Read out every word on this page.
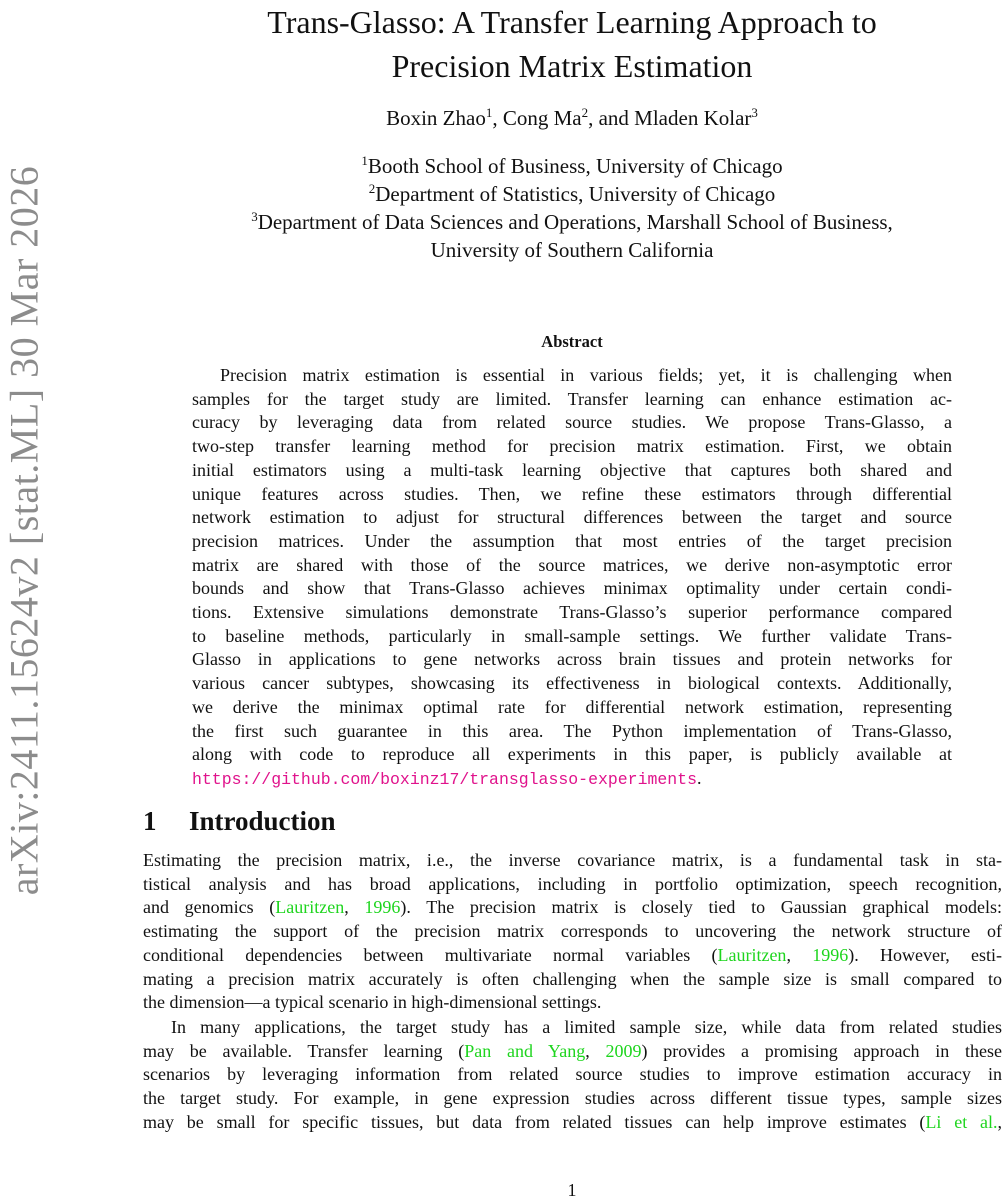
arXiv:2411.15624v2 [stat.ML] 30 Mar 2026
Trans-Glasso: A Transfer Learning Approach to
Precision Matrix Estimation
Boxin Zhao$^1$, Cong Ma$^2$, and Mladen Kolar$^3$
$^1$Booth School of Business, University of Chicago
$^2$Department of Statistics, University of Chicago
$^3$Department of Data Sciences and Operations, Marshall School of Business,
University of Southern California
Abstract
Precision matrix estimation is essential in various fields; yet, it is challenging when
samples for the target study are limited. Transfer learning can enhance estimation ac-
curacy by leveraging data from related source studies. We propose Trans-Glasso, a
two-step transfer learning method for precision matrix estimation. First, we obtain
initial estimators using a multi-task learning objective that captures both shared and
unique features across studies. Then, we refine these estimators through differential
network estimation to adjust for structural differences between the target and source
precision matrices. Under the assumption that most entries of the target precision
matrix are shared with those of the source matrices, we derive non-asymptotic error
bounds and show that Trans-Glasso achieves minimax optimality under certain condi-
tions. Extensive simulations demonstrate Trans-Glasso’s superior performance compared
to baseline methods, particularly in small-sample settings. We further validate Trans-
Glasso in applications to gene networks across brain tissues and protein networks for
various cancer subtypes, showcasing its effectiveness in biological contexts. Additionally,
we derive the minimax optimal rate for differential network estimation, representing
the first such guarantee in this area. The Python implementation of Trans-Glasso,
along with code to reproduce all experiments in this paper, is publicly available at
https://github.com/boxinz17/transglasso-experiments.
1 Introduction
Estimating the precision matrix, i.e., the inverse covariance matrix, is a fundamental task in sta-
tistical analysis and has broad applications, including in portfolio optimization, speech recognition,
and genomics (Lauritzen, 1996). The precision matrix is closely tied to Gaussian graphical models:
estimating the support of the precision matrix corresponds to uncovering the network structure of
conditional dependencies between multivariate normal variables (Lauritzen, 1996). However, esti-
mating a precision matrix accurately is often challenging when the sample size is small compared to
the dimension—a typical scenario in high-dimensional settings.
In many applications, the target study has a limited sample size, while data from related studies
may be available. Transfer learning (Pan and Yang, 2009) provides a promising approach in these
scenarios by leveraging information from related source studies to improve estimation accuracy in
the target study. For example, in gene expression studies across different tissue types, sample sizes
may be small for specific tissues, but data from related tissues can help improve estimates (Li et al.,
1
